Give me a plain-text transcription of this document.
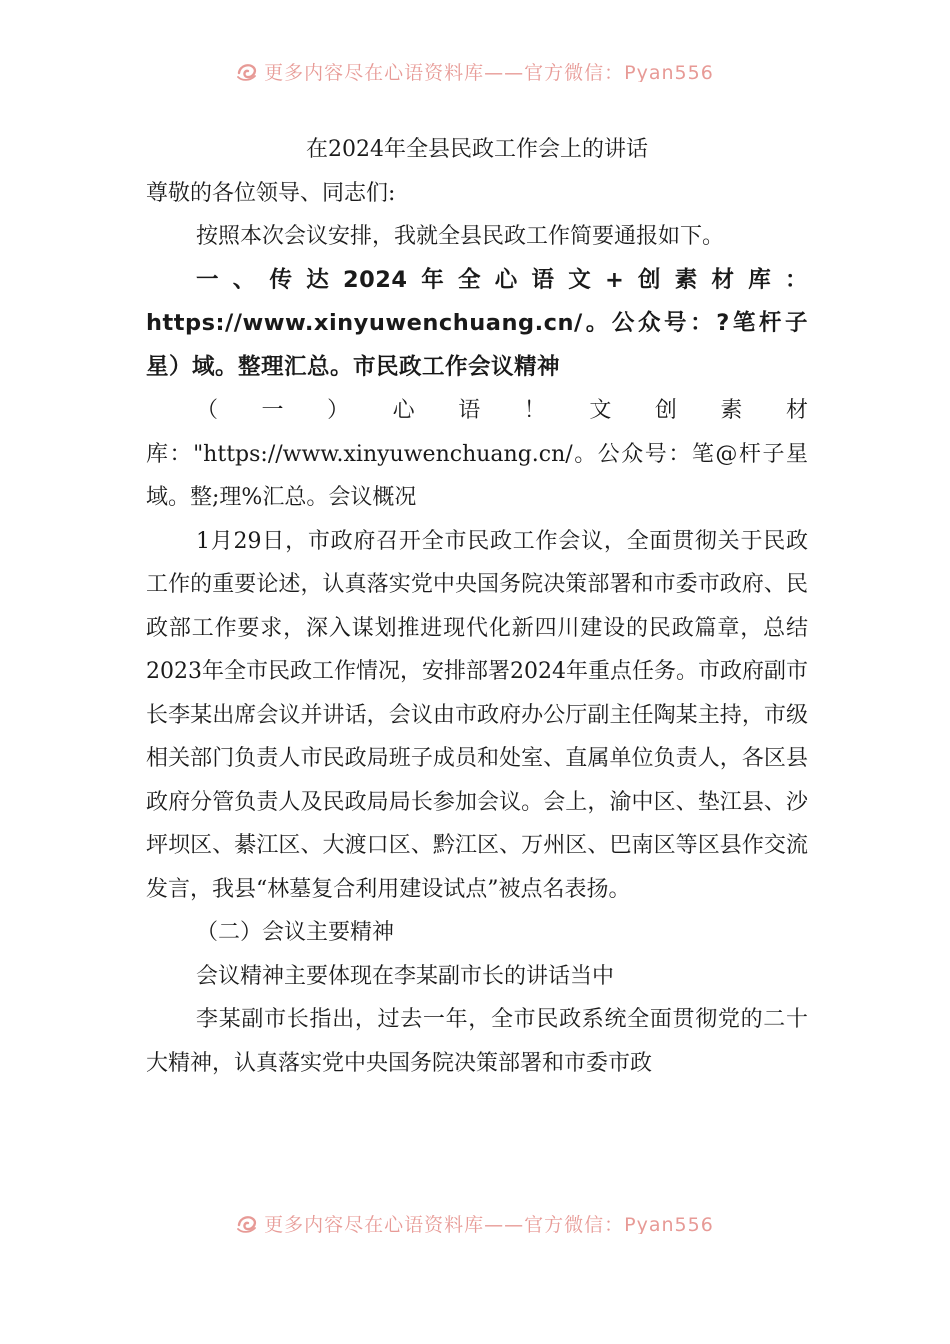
更多内容尽在心语资料库——官方微信：Pyan556

在2024年全县民政工作会上的讲话

尊敬的各位领导、同志们:

按照本次会议安排，我就全县民政工作简要通报如下。

一、传达2024年全心语文+创素材库：https://www.xinyuwenchuang.cn/。公众号：?笔杆子星）域。整理汇总。市民政工作会议精神

（一）心语！文创素材库："https://www.xinyuwenchuang.cn/。公众号：笔@杆子星域。整;理%汇总。会议概况

1月29日，市政府召开全市民政工作会议，全面贯彻关于民政工作的重要论述，认真落实党中央国务院决策部署和市委市政府、民政部工作要求，深入谋划推进现代化新四川建设的民政篇章，总结2023年全市民政工作情况，安排部署2024年重点任务。市政府副市长李某出席会议并讲话，会议由市政府办公厅副主任陶某主持，市级相关部门负责人市民政局班子成员和处室、直属单位负责人，各区县政府分管负责人及民政局局长参加会议。会上，渝中区、垫江县、沙坪坝区、綦江区、大渡口区、黔江区、万州区、巴南区等区县作交流发言，我县“林墓复合利用建设试点”被点名表扬。

（二）会议主要精神

会议精神主要体现在李某副市长的讲话当中

李某副市长指出，过去一年，全市民政系统全面贯彻党的二十大精神，认真落实党中央国务院决策部署和市委市政

更多内容尽在心语资料库——官方微信：Pyan556
